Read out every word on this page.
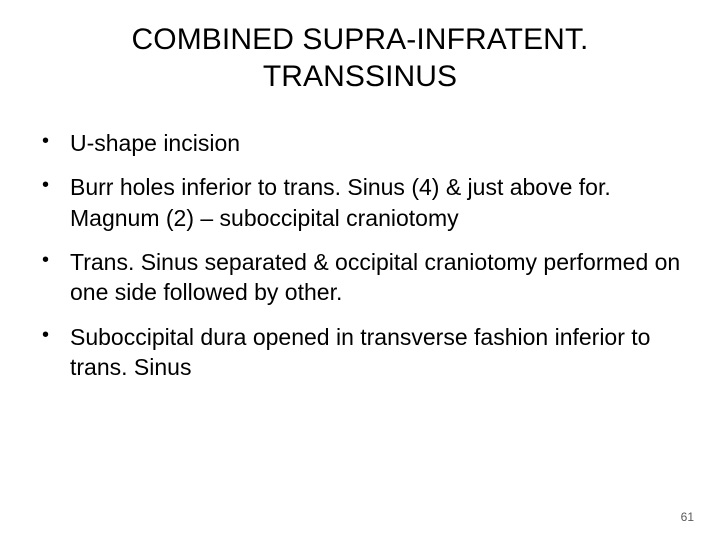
COMBINED SUPRA-INFRATENT. TRANSSINUS
• U-shape incision
• Burr holes inferior to trans. Sinus (4) & just above for. Magnum (2) – suboccipital craniotomy
• Trans. Sinus separated & occipital craniotomy performed on one side followed by other.
• Suboccipital dura opened in transverse fashion inferior to trans. Sinus
61
